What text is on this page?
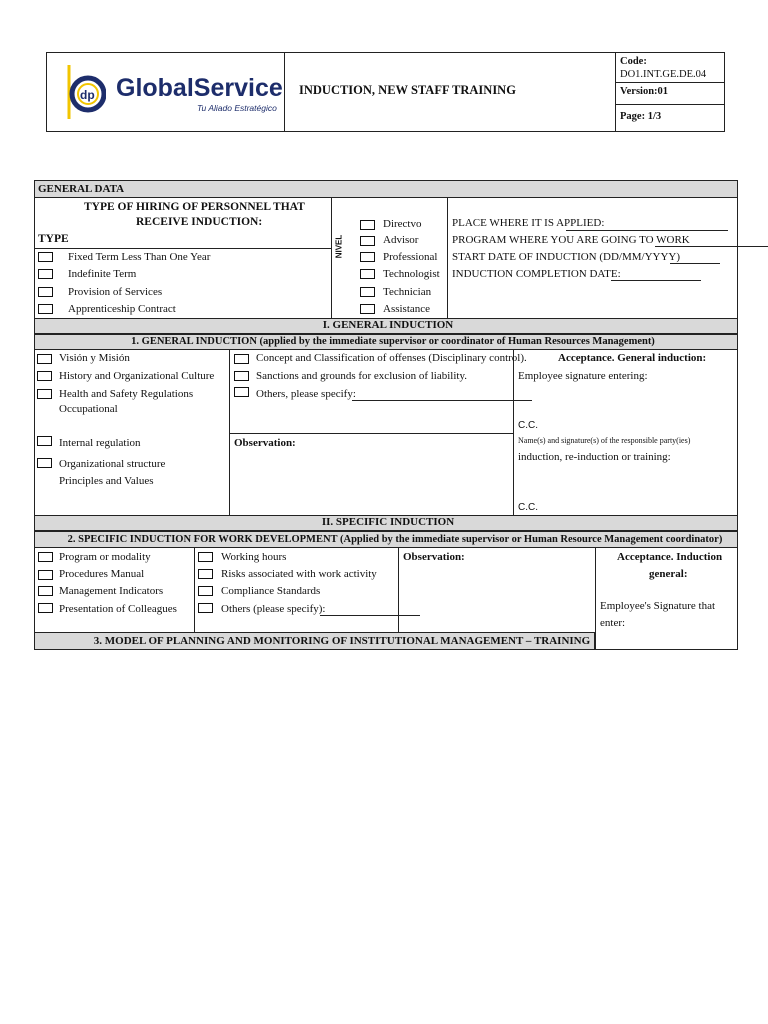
dp GlobalService
Tu Aliado Estratégico
INDUCTION, NEW STAFF TRAINING
Code:
DO1.INT.GE.DE.04
Version:01
Page: 1/3
GENERAL DATA
TYPE OF HIRING OF PERSONNEL THAT
RECEIVE INDUCTION:
TYPE
Fixed Term Less Than One Year
Indefinite Term
Provision of Services
Apprenticeship Contract
NIVEL
Directvo
Advisor
Professional
Technologist
Technician
Assistance
PLACE WHERE IT IS APPLIED:
PROGRAM WHERE YOU ARE GOING TO WORK
START DATE OF INDUCTION (DD/MM/YYYY)
INDUCTION COMPLETION DATE:
I. GENERAL INDUCTION
1. GENERAL INDUCTION (applied by the immediate supervisor or coordinator of Human Resources Management)
Visión y Misión
History and Organizational Culture
Health and Safety Regulations
Occupational
Internal regulation
Organizational structure
Principles and Values
Concept and Classification of offenses (Disciplinary control).
Sanctions and grounds for exclusion of liability.
Others, please specify:
Observation:
Acceptance. General induction:
Employee signature entering:
C.C.
Name(s) and signature(s) of the responsible party(ies)
induction, re-induction or training:
C.C.
II. SPECIFIC INDUCTION
2. SPECIFIC INDUCTION FOR WORK DEVELOPMENT (Applied by the immediate supervisor or Human Resource Management coordinator)
Program or modality
Procedures Manual
Management Indicators
Presentation of Colleagues
Working hours
Risks associated with work activity
Compliance Standards
Others (please specify):
Observation:	Acceptance. Induction
general:
Employee's Signature that
enter:
3. MODEL OF PLANNING AND MONITORING OF INSTITUTIONAL MANAGEMENT – TRAINING
